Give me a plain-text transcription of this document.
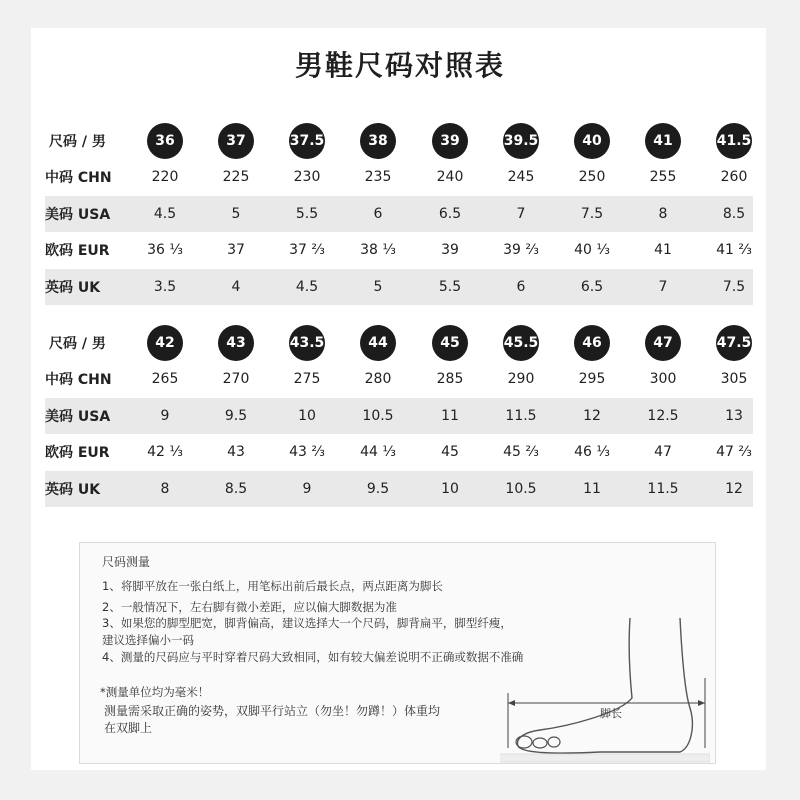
男鞋尺码对照表
尺码 / 男	36	37	37.5	38	39	39.5	40	41	41.5
中码 CHN	220	225	230	235	240	245	250	255	260
美码 USA	4.5	5	5.5	6	6.5	7	7.5	8	8.5
欧码 EUR	36 ⅓	37	37 ⅔	38 ⅓	39	39 ⅔	40 ⅓	41	41 ⅔
英码 UK	3.5	4	4.5	5	5.5	6	6.5	7	7.5
尺码 / 男	42	43	43.5	44	45	45.5	46	47	47.5
中码 CHN	265	270	275	280	285	290	295	300	305
美码 USA	9	9.5	10	10.5	11	11.5	12	12.5	13
欧码 EUR	42 ⅓	43	43 ⅔	44 ⅓	45	45 ⅔	46 ⅓	47	47 ⅔
英码 UK	8	8.5	9	9.5	10	10.5	11	11.5	12
尺码测量
1、将脚平放在一张白纸上，用笔标出前后最长点，两点距离为脚长
2、一般情况下，左右脚有微小差距，应以偏大脚数据为准
3、如果您的脚型肥宽，脚背偏高，建议选择大一个尺码，脚背扁平，脚型纤瘦，
建议选择偏小一码
4、测量的尺码应与平时穿着尺码大致相同，如有较大偏差说明不正确或数据不准确
*测量单位均为毫米！
测量需采取正确的姿势，双脚平行站立（勿坐！勿蹲！）体重均
在双脚上
脚长
